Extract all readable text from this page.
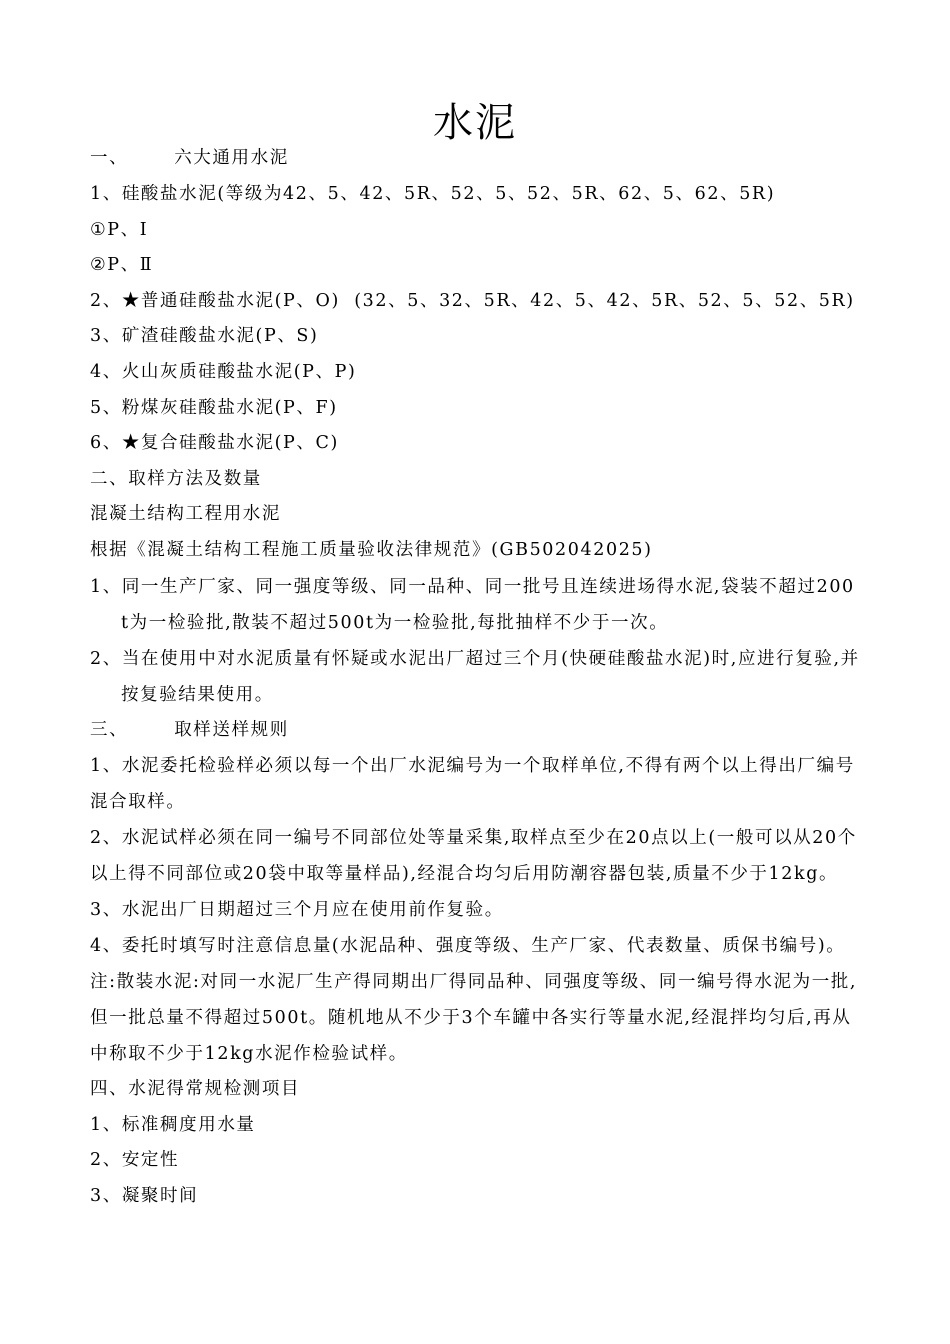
水泥
一、	六大通用水泥
1、硅酸盐水泥(等级为42、5、42、5R、52、5、52、5R、62、5、62、5R)
①P、Ⅰ
②P、Ⅱ
2、★普通硅酸盐水泥(P、O)  (32、5、32、5R、42、5、42、5R、52、5、52、5R)
3、矿渣硅酸盐水泥(P、S)
4、火山灰质硅酸盐水泥(P、P)
5、粉煤灰硅酸盐水泥(P、F)
6、★复合硅酸盐水泥(P、C)
二、取样方法及数量
混凝土结构工程用水泥
根据《混凝土结构工程施工质量验收法律规范》(GB502042025)
1、同一生产厂家、同一强度等级、同一品种、同一批号且连续进场得水泥,袋装不超过200t为一检验批,散装不超过500t为一检验批,每批抽样不少于一次。
2、当在使用中对水泥质量有怀疑或水泥出厂超过三个月(快硬硅酸盐水泥)时,应进行复验,并按复验结果使用。
三、	取样送样规则
1、水泥委托检验样必须以每一个出厂水泥编号为一个取样单位,不得有两个以上得出厂编号混合取样。
2、水泥试样必须在同一编号不同部位处等量采集,取样点至少在20点以上(一般可以从20个以上得不同部位或20袋中取等量样品),经混合均匀后用防潮容器包装,质量不少于12kg。
3、水泥出厂日期超过三个月应在使用前作复验。
4、委托时填写时注意信息量(水泥品种、强度等级、生产厂家、代表数量、质保书编号)。
注:散装水泥:对同一水泥厂生产得同期出厂得同品种、同强度等级、同一编号得水泥为一批,但一批总量不得超过500t。随机地从不少于3个车罐中各实行等量水泥,经混拌均匀后,再从中称取不少于12kg水泥作检验试样。
四、水泥得常规检测项目
1、标准稠度用水量
2、安定性
3、凝聚时间
